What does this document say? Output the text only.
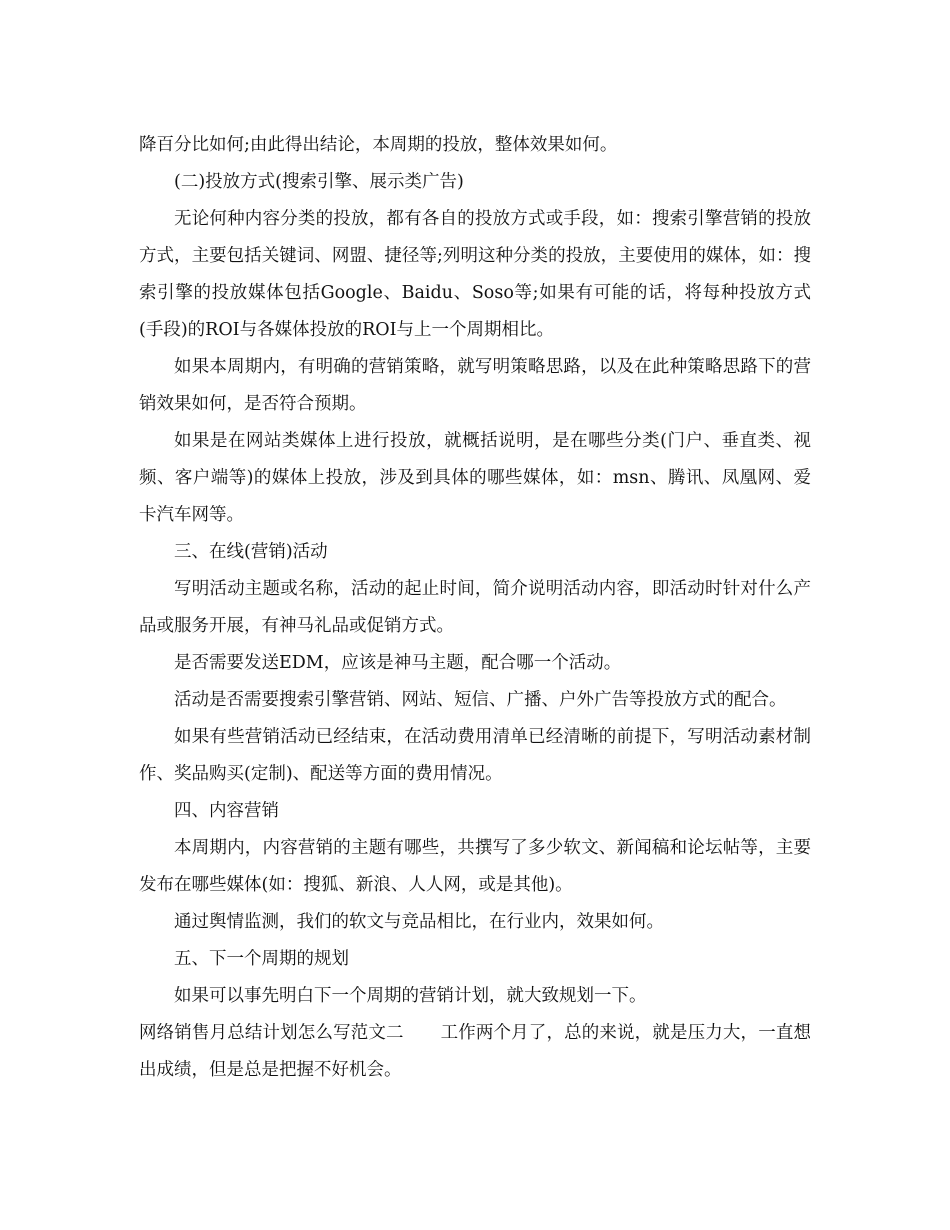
降百分比如何;由此得出结论，本周期的投放，整体效果如何。

(二)投放方式(搜索引擎、展示类广告)

无论何种内容分类的投放，都有各自的投放方式或手段，如：搜索引擎营销的投放方式，主要包括关键词、网盟、捷径等;列明这种分类的投放，主要使用的媒体，如：搜索引擎的投放媒体包括Google、Baidu、Soso等;如果有可能的话，将每种投放方式(手段)的ROI与各媒体投放的ROI与上一个周期相比。

如果本周期内，有明确的营销策略，就写明策略思路，以及在此种策略思路下的营销效果如何，是否符合预期。

如果是在网站类媒体上进行投放，就概括说明，是在哪些分类(门户、垂直类、视频、客户端等)的媒体上投放，涉及到具体的哪些媒体，如：msn、腾讯、凤凰网、爱卡汽车网等。

三、在线(营销)活动

写明活动主题或名称，活动的起止时间，简介说明活动内容，即活动时针对什么产品或服务开展，有神马礼品或促销方式。

是否需要发送EDM，应该是神马主题，配合哪一个活动。

活动是否需要搜索引擎营销、网站、短信、广播、户外广告等投放方式的配合。

如果有些营销活动已经结束，在活动费用清单已经清晰的前提下，写明活动素材制作、奖品购买(定制)、配送等方面的费用情况。

四、内容营销

本周期内，内容营销的主题有哪些，共撰写了多少软文、新闻稿和论坛帖等，主要发布在哪些媒体(如：搜狐、新浪、人人网，或是其他)。

通过舆情监测，我们的软文与竞品相比，在行业内，效果如何。

五、下一个周期的规划

如果可以事先明白下一个周期的营销计划，就大致规划一下。

网络销售月总结计划怎么写范文二 工作两个月了，总的来说，就是压力大，一直想出成绩，但是总是把握不好机会。
